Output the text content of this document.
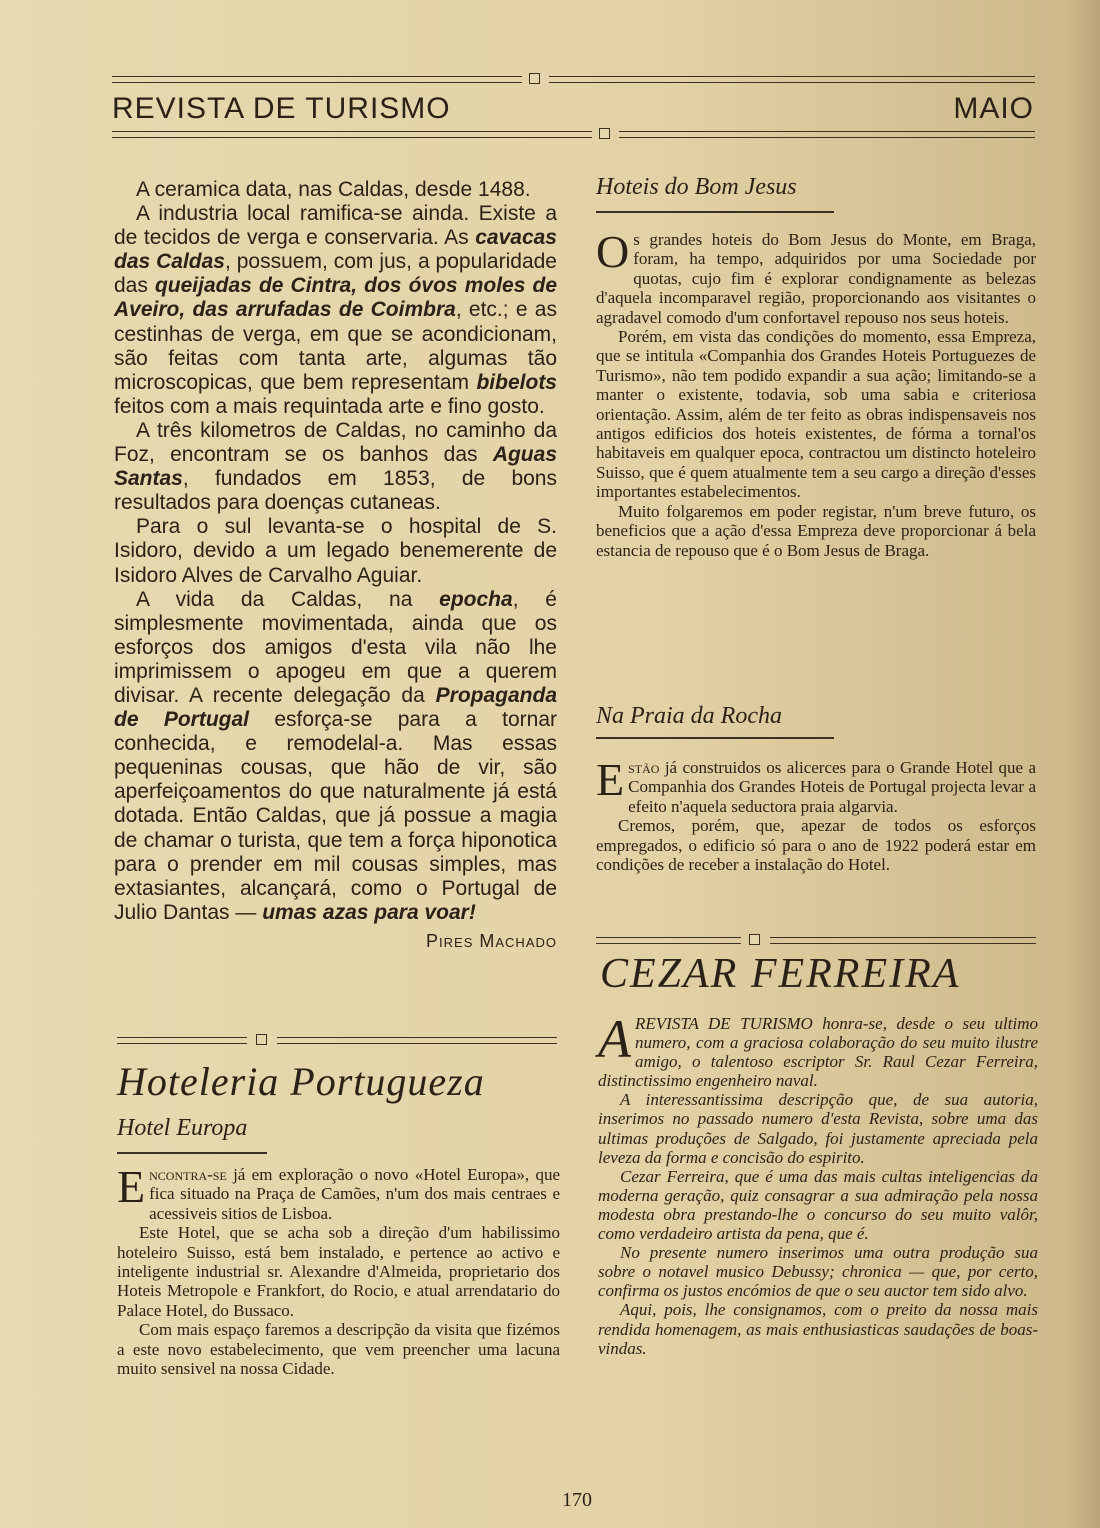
REVISTA DE TURISMO	MAIO

A ceramica data, nas Caldas, desde 1488.

A industria local ramifica-se ainda. Existe a de tecidos de verga e conservaria. As cavacas das Caldas, possuem, com jus, a popularidade das queijadas de Cintra, dos óvos moles de Aveiro, das arrufadas de Coimbra, etc.; e as cestinhas de verga, em que se acondicionam, são feitas com tanta arte, algumas tão microscopicas, que bem representam bibelots feitos com a mais requintada arte e fino gosto.

A três kilometros de Caldas, no caminho da Foz, encontram se os banhos das Aguas Santas, fundados em 1853, de bons resultados para doenças cutaneas.

Para o sul levanta-se o hospital de S. Isidoro, devido a um legado benemerente de Isidoro Alves de Carvalho Aguiar.

A vida da Caldas, na epocha, é simplesmente movimentada, ainda que os esforços dos amigos d'esta vila não lhe imprimissem o apogeu em que a querem divisar. A recente delegação da Propaganda de Portugal esforça-se para a tornar conhecida, e remodelal-a. Mas essas pequeninas cousas, que hão de vir, são aperfeiçoamentos do que naturalmente já está dotada. Então Caldas, que já possue a magia de chamar o turista, que tem a força hiponotica para o prender em mil cousas simples, mas extasiantes, alcançará, como o Portugal de Julio Dantas — umas azas para voar!

Pires Machado
Hoteleria Portugueza
Hotel Europa

Encontra-se já em exploração o novo «Hotel Europa», que fica situado na Praça de Camões, n'um dos mais centraes e acessiveis sitios de Lisboa.

Este Hotel, que se acha sob a direção d'um habilissimo hoteleiro Suisso, está bem instalado, e pertence ao activo e inteligente industrial sr. Alexandre d'Almeida, proprietario dos Hoteis Metropole e Frankfort, do Rocio, e atual arrendatario do Palace Hotel, do Bussaco.

Com mais espaço faremos a descripção da visita que fizémos a este novo estabelecimento, que vem preencher uma lacuna muito sensivel na nossa Cidade.

Hoteis do Bom Jesus

Os grandes hoteis do Bom Jesus do Monte, em Braga, foram, ha tempo, adquiridos por uma Sociedade por quotas, cujo fim é explorar condignamente as belezas d'aquela incomparavel região, proporcionando aos visitantes o agradavel comodo d'um confortavel repouso nos seus hoteis.

Porém, em vista das condições do momento, essa Empreza, que se intitula «Companhia dos Grandes Hoteis Portuguezes de Turismo», não tem podido expandir a sua ação; limitando-se a manter o existente, todavia, sob uma sabia e criteriosa orientação. Assim, além de ter feito as obras indispensaveis nos antigos edificios dos hoteis existentes, de fórma a tornal'os habitaveis em qualquer epoca, contractou um distincto hoteleiro Suisso, que é quem atualmente tem a seu cargo a direção d'esses importantes estabelecimentos.

Muito folgaremos em poder registar, n'um breve futuro, os beneficios que a ação d'essa Empreza deve proporcionar á bela estancia de repouso que é o Bom Jesus de Braga.

Na Praia da Rocha

Estão já construidos os alicerces para o Grande Hotel que a Companhia dos Grandes Hoteis de Portugal projecta levar a efeito n'aquela seductora praia algarvia.

Cremos, porém, que, apezar de todos os esforços empregados, o edificio só para o ano de 1922 poderá estar em condições de receber a instalação do Hotel.

CEZAR FERREIRA

AREVISTA DE TURISMO honra-se, desde o seu ultimo numero, com a graciosa colaboração do seu muito ilustre amigo, o talentoso escriptor Sr. Raul Cezar Ferreira, distinctissimo engenheiro naval.

A interessantissima descripção que, de sua autoria, inserimos no passado numero d'esta Revista, sobre uma das ultimas produções de Salgado, foi justamente apreciada pela leveza da forma e concisão do espirito.

Cezar Ferreira, que é uma das mais cultas inteligencias da moderna geração, quiz consagrar a sua admiração pela nossa modesta obra prestando-lhe o concurso do seu muito valôr, como verdadeiro artista da pena, que é.

No presente numero inserimos uma outra produção sua sobre o notavel musico Debussy; chronica — que, por certo, confirma os justos encómios de que o seu auctor tem sido alvo.

Aqui, pois, lhe consignamos, com o preito da nossa mais rendida homenagem, as mais enthusiasticas saudações de boas-vindas.

170
